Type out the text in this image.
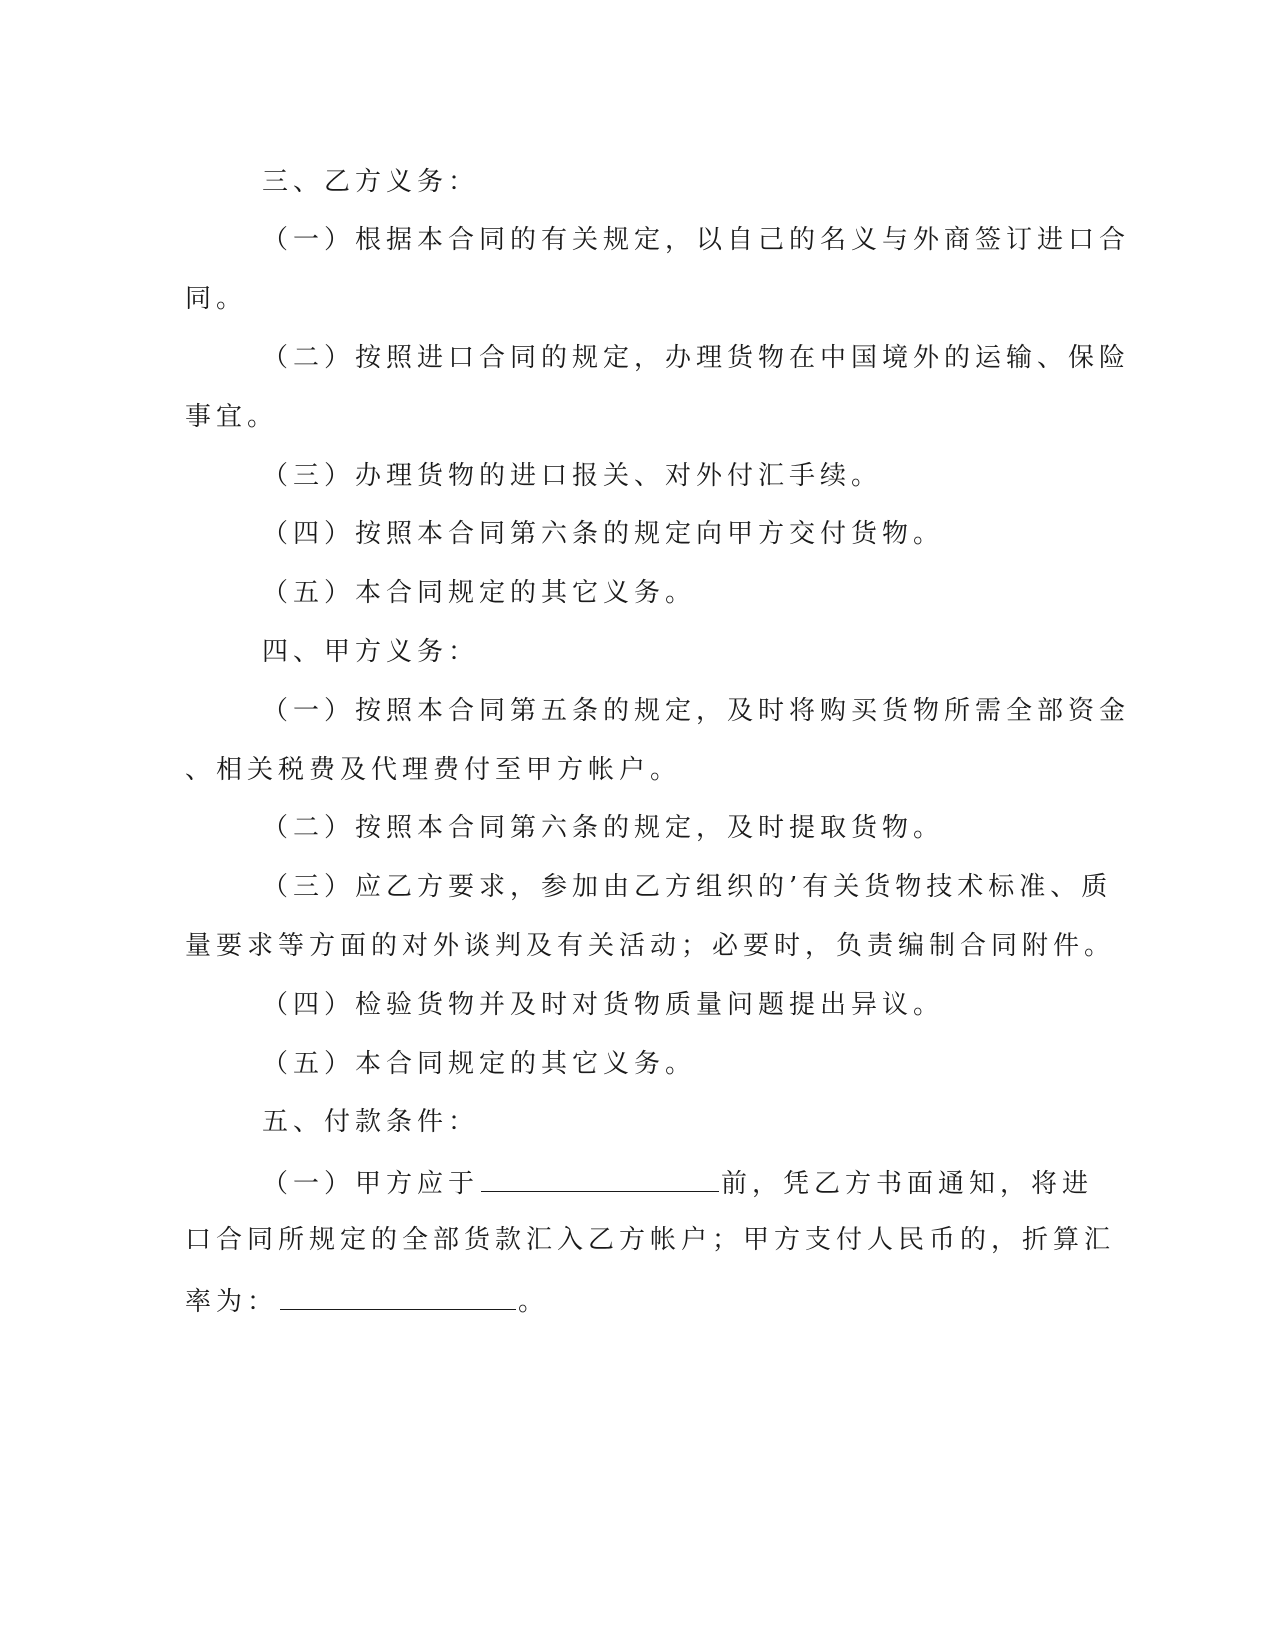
三、乙方义务：
（一）根据本合同的有关规定，以自己的名义与外商签订进口合
同。
（二）按照进口合同的规定，办理货物在中国境外的运输、保险
事宜。
（三）办理货物的进口报关、对外付汇手续。
（四）按照本合同第六条的规定向甲方交付货物。
（五）本合同规定的其它义务。
四、甲方义务：
（一）按照本合同第五条的规定，及时将购买货物所需全部资金
、相关税费及代理费付至甲方帐户。
（二）按照本合同第六条的规定，及时提取货物。
（三）应乙方要求，参加由乙方组织的’有关货物技术标准、质
量要求等方面的对外谈判及有关活动；必要时，负责编制合同附件。
（四）检验货物并及时对货物质量问题提出异议。
（五）本合同规定的其它义务。
五、付款条件：
（一）甲方应于	前，凭乙方书面通知，将进
口合同所规定的全部货款汇入乙方帐户；甲方支付人民币的，折算汇
率为：	。
